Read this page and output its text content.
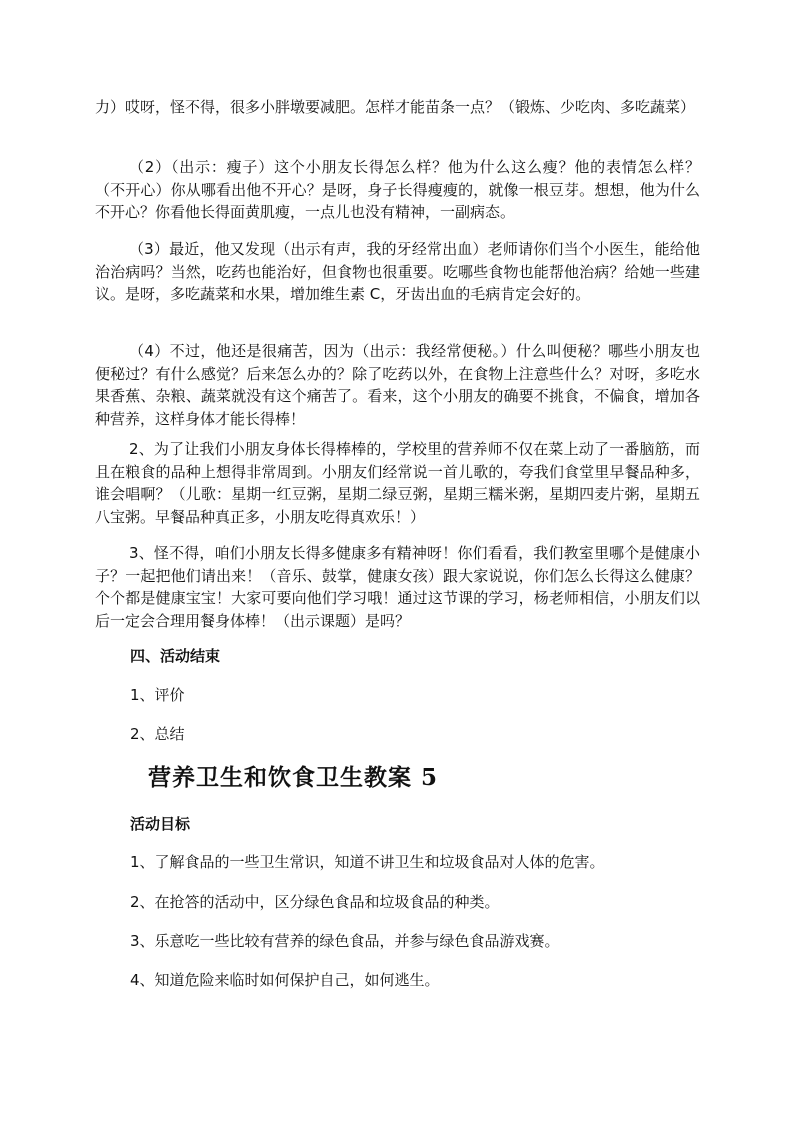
力）哎呀，怪不得，很多小胖墩要减肥。怎样才能苗条一点？（锻炼、少吃肉、多吃蔬菜）

（2）（出示：瘦子）这个小朋友长得怎么样？他为什么这么瘦？他的表情怎么样？（不开心）你从哪看出他不开心？是呀，身子长得瘦瘦的，就像一根豆芽。想想，他为什么不开心？你看他长得面黄肌瘦，一点儿也没有精神，一副病态。

（3）最近，他又发现（出示有声，我的牙经常出血）老师请你们当个小医生，能给他治治病吗？当然，吃药也能治好，但食物也很重要。吃哪些食物也能帮他治病？给她一些建议。是呀，多吃蔬菜和水果，增加维生素 C，牙齿出血的毛病肯定会好的。

（4）不过，他还是很痛苦，因为（出示：我经常便秘。）什么叫便秘？哪些小朋友也便秘过？有什么感觉？后来怎么办的？除了吃药以外，在食物上注意些什么？对呀，多吃水果香蕉、杂粮、蔬菜就没有这个痛苦了。看来，这个小朋友的确要不挑食，不偏食，增加各种营养，这样身体才能长得棒！

2、为了让我们小朋友身体长得棒棒的，学校里的营养师不仅在菜上动了一番脑筋，而且在粮食的品种上想得非常周到。小朋友们经常说一首儿歌的，夸我们食堂里早餐品种多，谁会唱啊？（儿歌：星期一红豆粥，星期二绿豆粥，星期三糯米粥，星期四麦片粥，星期五八宝粥。早餐品种真正多，小朋友吃得真欢乐！）

3、怪不得，咱们小朋友长得多健康多有精神呀！你们看看，我们教室里哪个是健康小子？一起把他们请出来！（音乐、鼓掌，健康女孩）跟大家说说，你们怎么长得这么健康？个个都是健康宝宝！大家可要向他们学习哦！通过这节课的学习，杨老师相信，小朋友们以后一定会合理用餐身体棒！（出示课题）是吗？

四、活动结束

1、评价

2、总结

营养卫生和饮食卫生教案 5

活动目标

1、了解食品的一些卫生常识，知道不讲卫生和垃圾食品对人体的危害。

2、在抢答的活动中，区分绿色食品和垃圾食品的种类。

3、乐意吃一些比较有营养的绿色食品，并参与绿色食品游戏赛。

4、知道危险来临时如何保护自己，如何逃生。
